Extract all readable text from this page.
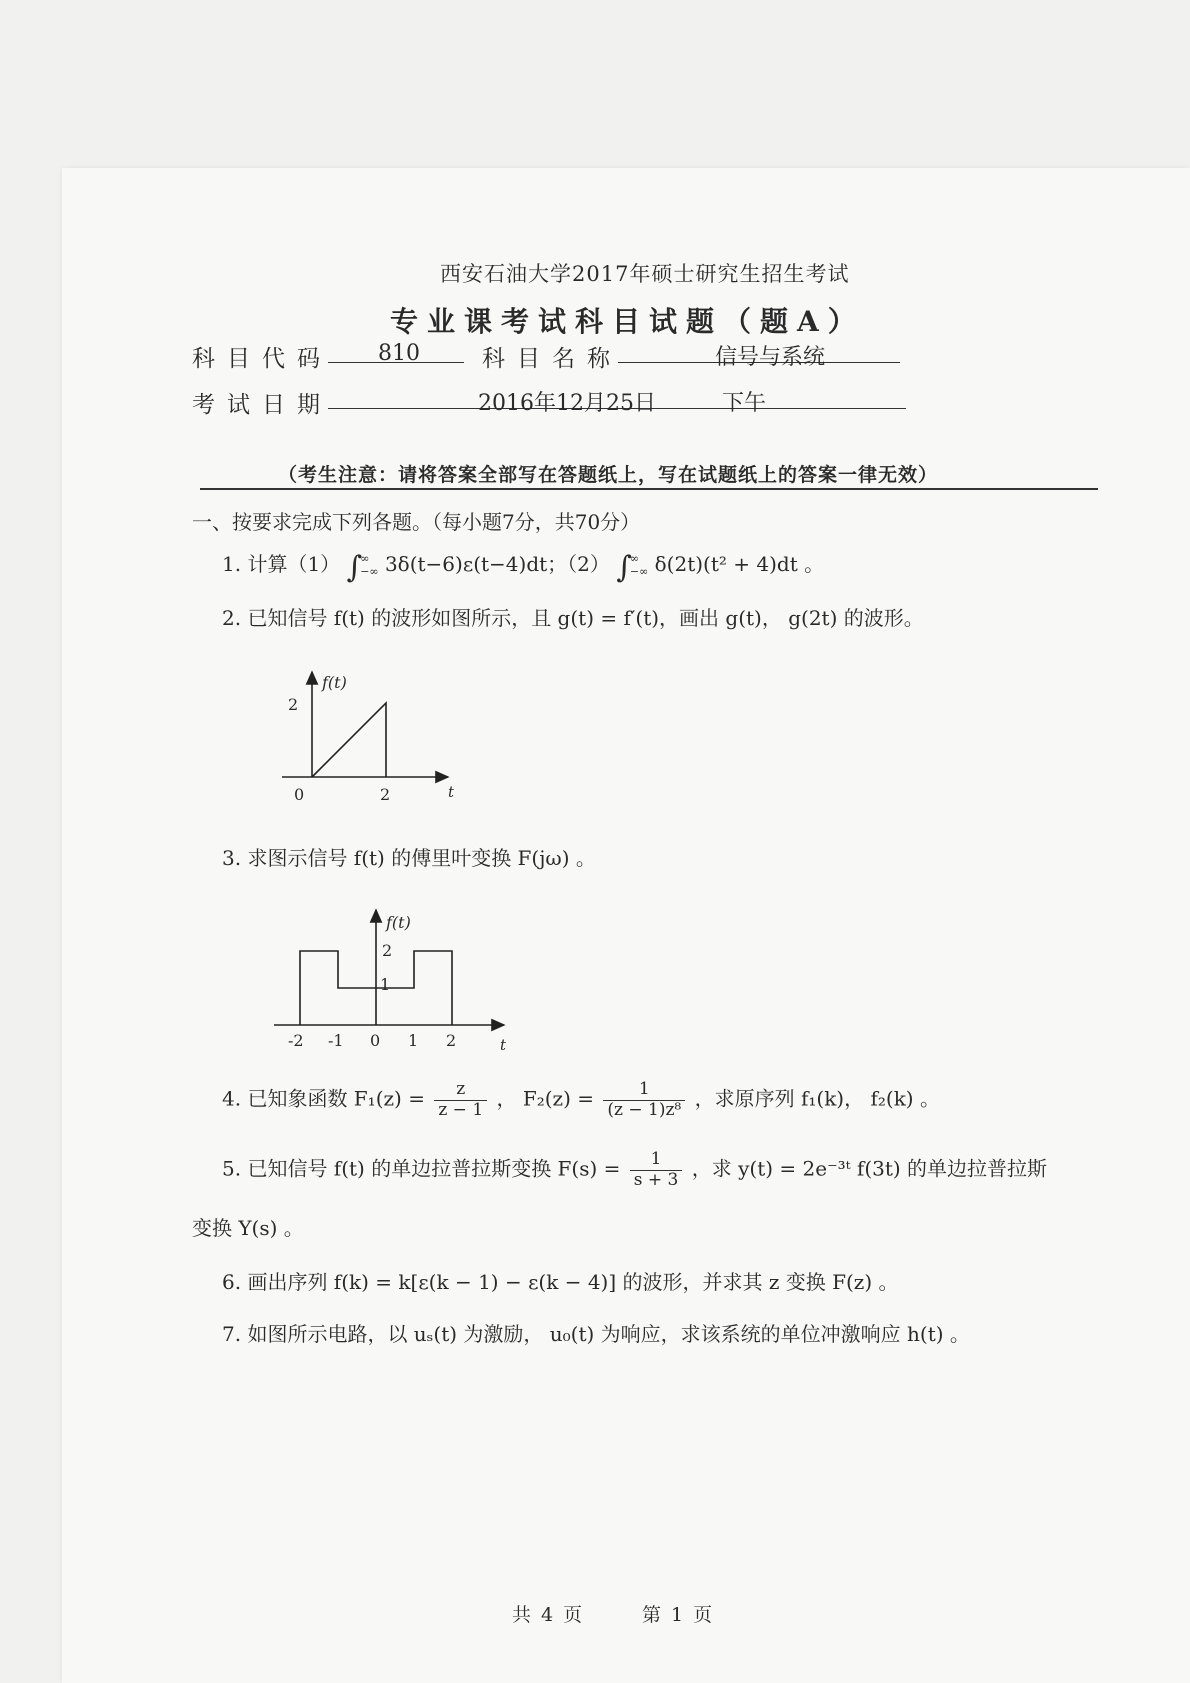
西安石油大学2017年硕士研究生招生考试
专业课考试科目试题（题A）
科目代码 810	科目名称	信号与系统
考试日期	2016年12月25日	下午
（考生注意：请将答案全部写在答题纸上，写在试题纸上的答案一律无效）
一、按要求完成下列各题。（每小题7分，共70分）
1. 计算（1） ∫∞
−∞ 3δ(t−6)ε(t−4)dt；（2） ∫∞
−∞ δ(2t)(t² + 4)dt 。
2. 已知信号 f(t) 的波形如图所示，且 g(t) = f′(t)，画出 g(t)， g(2t) 的波形。
f(t)
2
0	2	t
3. 求图示信号 f(t) 的傅里叶变换 F(jω) 。
f(t)
2
1
-2 -1 0 1 2	t
4. 已知象函数 $F_1(z) = \frac{z}{z - 1}$ ， $F_2(z) = \frac{1}{\text{(z − 1)z⁸}}$ ，求原序列 f₁(k)， f₂(k) 。
5. 已知信号 f(t) 的单边拉普拉斯变换 $F(s) = \frac{1}{s + 3}$ ，求 y(t) = 2e⁻³ᵗ f(3t) 的单边拉普拉斯
变换 Y(s) 。
6. 画出序列 f(k) = k[ε(k − 1) − ε(k − 4)] 的波形，并求其 z 变换 F(z) 。
7. 如图所示电路，以 uₛ(t) 为激励， u₀(t) 为响应，求该系统的单位冲激响应 h(t) 。
共 4 页	第 1 页
